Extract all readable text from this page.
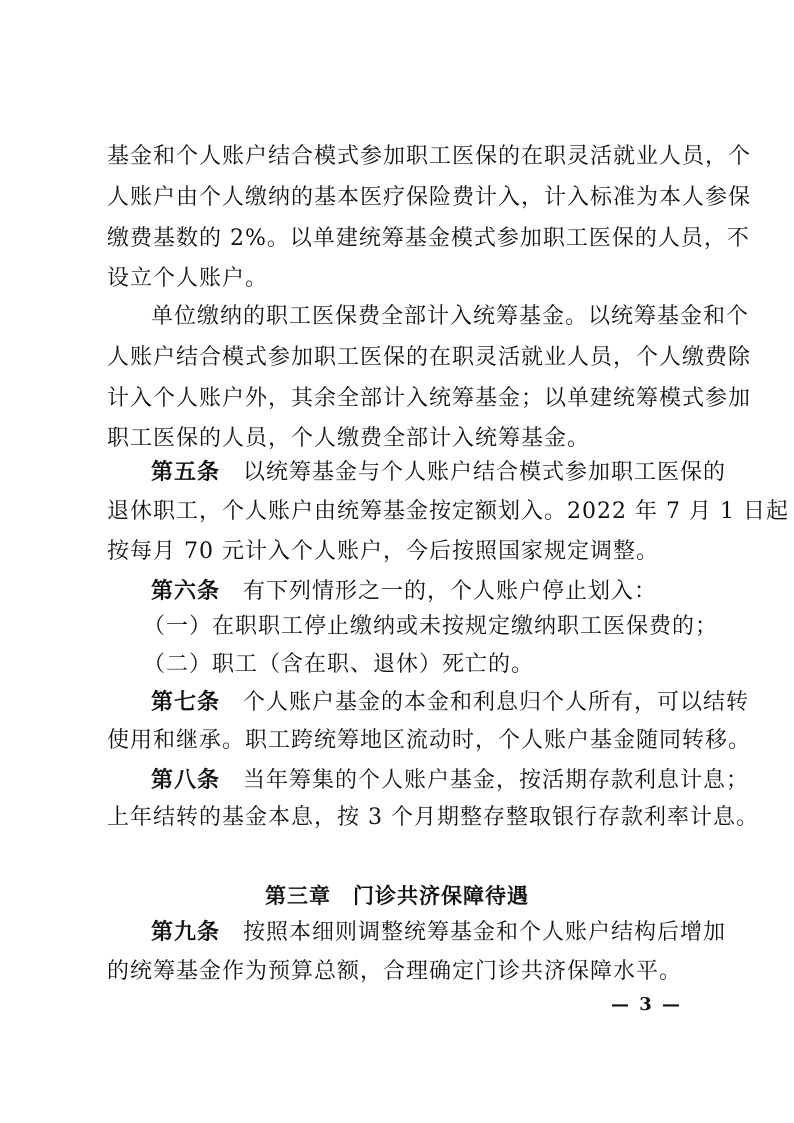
基金和个人账户结合模式参加职工医保的在职灵活就业人员，个
人账户由个人缴纳的基本医疗保险费计入，计入标准为本人参保
缴费基数的 2%。以单建统筹基金模式参加职工医保的人员，不
设立个人账户。
单位缴纳的职工医保费全部计入统筹基金。以统筹基金和个
人账户结合模式参加职工医保的在职灵活就业人员，个人缴费除
计入个人账户外，其余全部计入统筹基金；以单建统筹模式参加
职工医保的人员，个人缴费全部计入统筹基金。
第五条　 以统筹基金与个人账户结合模式参加职工医保的
退休职工，个人账户由统筹基金按定额划入。2022 年 7 月 1 日起
按每月 70 元计入个人账户，今后按照国家规定调整。
第六条　 有下列情形之一的，个人账户停止划入：
（一）在职职工停止缴纳或未按规定缴纳职工医保费的；
（二）职工（含在职、退休）死亡的。
第七条　 个人账户基金的本金和利息归个人所有，可以结转
使用和继承。职工跨统筹地区流动时，个人账户基金随同转移。
第八条　 当年筹集的个人账户基金，按活期存款利息计息；
上年结转的基金本息，按 3 个月期整存整取银行存款利率计息。
第三章　门诊共济保障待遇
第九条　 按照本细则调整统筹基金和个人账户结构后增加
的统筹基金作为预算总额，合理确定门诊共济保障水平。
— 3 —
